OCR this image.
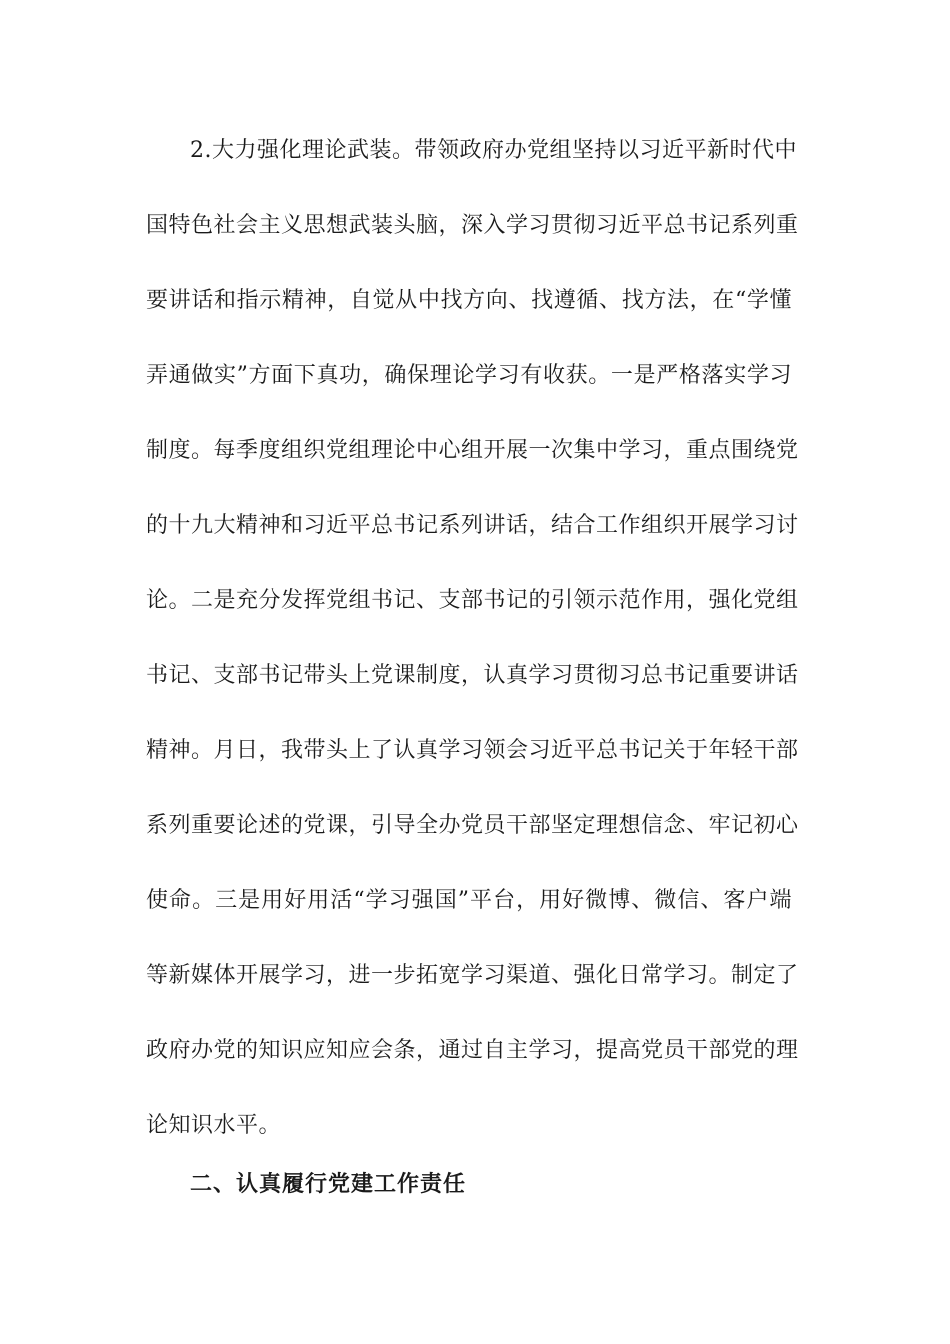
2.大力强化理论武装。带领政府办党组坚持以习近平新时代中
国特色社会主义思想武装头脑，深入学习贯彻习近平总书记系列重
要讲话和指示精神，自觉从中找方向、找遵循、找方法，在“学懂
弄通做实”方面下真功，确保理论学习有收获。一是严格落实学习
制度。每季度组织党组理论中心组开展一次集中学习，重点围绕党
的十九大精神和习近平总书记系列讲话，结合工作组织开展学习讨
论。二是充分发挥党组书记、支部书记的引领示范作用，强化党组
书记、支部书记带头上党课制度，认真学习贯彻习总书记重要讲话
精神。月日，我带头上了认真学习领会习近平总书记关于年轻干部
系列重要论述的党课，引导全办党员干部坚定理想信念、牢记初心
使命。三是用好用活“学习强国”平台，用好微博、微信、客户端
等新媒体开展学习，进一步拓宽学习渠道、强化日常学习。制定了
政府办党的知识应知应会条，通过自主学习，提高党员干部党的理
论知识水平。
二、认真履行党建工作责任
